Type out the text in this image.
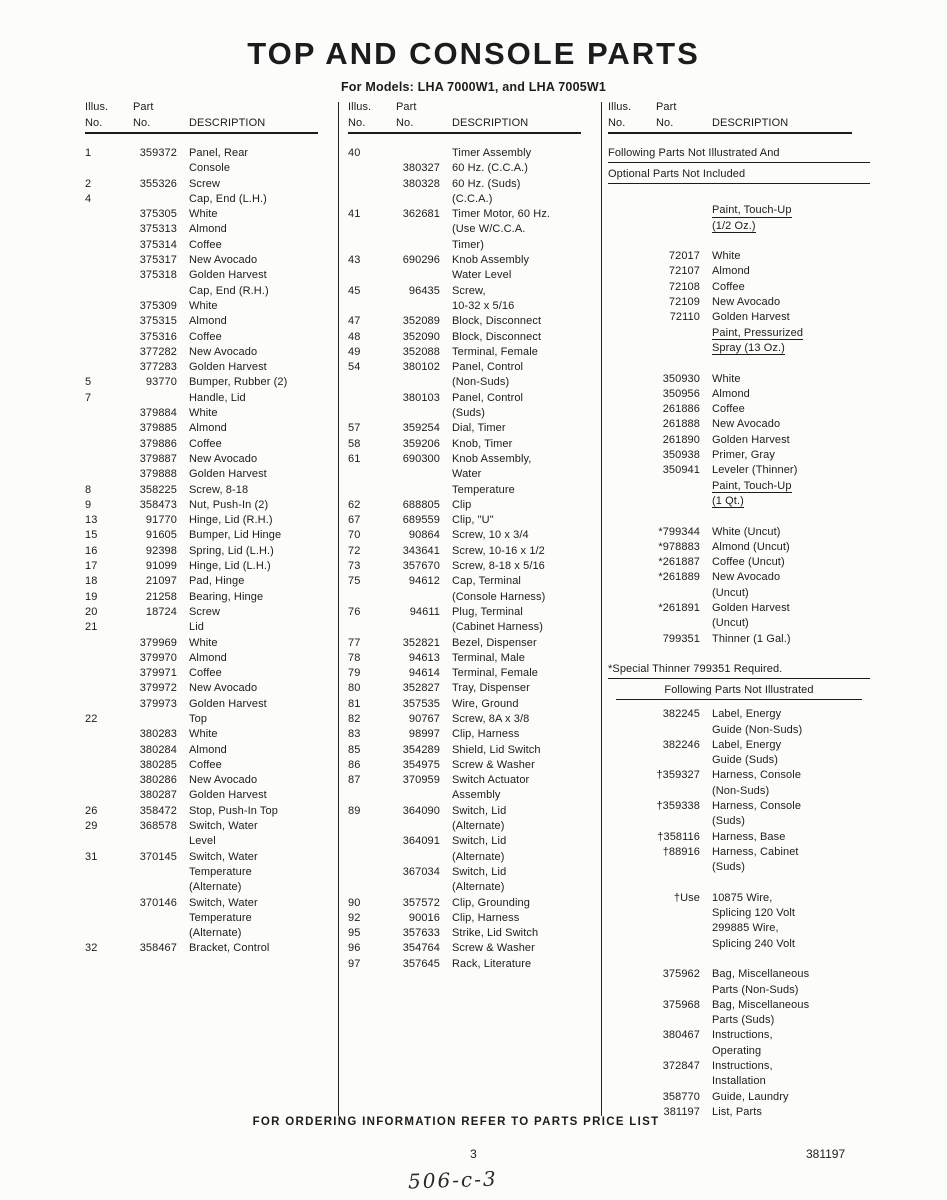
TOP AND CONSOLE PARTS
For Models: LHA 7000W1, and LHA 7005W1
Illus.	Part
No.	No.	DESCRIPTION
1	359372 Panel, Rear
Console
2	355326 Screw
4	Cap, End (L.H.)
375305 White
375313 Almond
375314 Coffee
375317 New Avocado
375318 Golden Harvest
Cap, End (R.H.)
375309 White
375315 Almond
375316 Coffee
377282 New Avocado
377283 Golden Harvest
5	93770 Bumper, Rubber (2)
7	Handle, Lid
379884 White
379885 Almond
379886 Coffee
379887 New Avocado
379888 Golden Harvest
8	358225 Screw, 8-18
9	358473 Nut, Push-In (2)
13	91770 Hinge, Lid (R.H.)
15	91605 Bumper, Lid Hinge
16	92398 Spring, Lid (L.H.)
17	91099 Hinge, Lid (L.H.)
18	21097 Pad, Hinge
19	21258 Bearing, Hinge
20	18724 Screw
21	Lid
379969 White
379970 Almond
379971 Coffee
379972 New Avocado
379973 Golden Harvest
22	Top
380283 White
380284 Almond
380285 Coffee
380286 New Avocado
380287 Golden Harvest
26	358472 Stop, Push-In Top
29	368578 Switch, Water
Level
31	370145 Switch, Water
Temperature
(Alternate)
370146 Switch, Water
Temperature
(Alternate)
32	358467 Bracket, Control
Illus.	Part
No.	No.	DESCRIPTION
40	Timer Assembly
380327 60 Hz. (C.C.A.)
380328 60 Hz. (Suds)
(C.C.A.)
41	362681 Timer Motor, 60 Hz.
(Use W/C.C.A.
Timer)
43	690296 Knob Assembly
Water Level
45	96435 Screw,
10-32 x 5/16
47	352089 Block, Disconnect
48	352090 Block, Disconnect
49	352088 Terminal, Female
54	380102 Panel, Control
(Non-Suds)
380103 Panel, Control
(Suds)
57	359254 Dial, Timer
58	359206 Knob, Timer
61	690300 Knob Assembly,
Water
Temperature
62	688805 Clip
67	689559 Clip, "U"
70	90864 Screw, 10 x 3/4
72	343641 Screw, 10-16 x 1/2
73	357670 Screw, 8-18 x 5/16
75	94612 Cap, Terminal
(Console Harness)
76	94611 Plug, Terminal
(Cabinet Harness)
77	352821 Bezel, Dispenser
78	94613 Terminal, Male
79	94614 Terminal, Female
80	352827 Tray, Dispenser
81	357535 Wire, Ground
82	90767 Screw, 8A x 3/8
83	98997 Clip, Harness
85	354289 Shield, Lid Switch
86	354975 Screw & Washer
87	370959 Switch Actuator
Assembly
89	364090 Switch, Lid
(Alternate)
364091 Switch, Lid
(Alternate)
367034 Switch, Lid
(Alternate)
90	357572 Clip, Grounding
92	90016 Clip, Harness
95	357633 Strike, Lid Switch
96	354764 Screw & Washer
97	357645 Rack, Literature
Illus.	Part
No.	No.	DESCRIPTION
Following Parts Not Illustrated And
Optional Parts Not Included
Paint, Touch-Up
(1/2 Oz.)
72017 White
72107 Almond
72108 Coffee
72109 New Avocado
72110 Golden Harvest
Paint, Pressurized
Spray (13 Oz.)
350930 White
350956 Almond
261886 Coffee
261888 New Avocado
261890 Golden Harvest
350938 Primer, Gray
350941 Leveler (Thinner)
Paint, Touch-Up
(1 Qt.)
*799344 White (Uncut)
*978883 Almond (Uncut)
*261887 Coffee (Uncut)
*261889 New Avocado
(Uncut)
*261891 Golden Harvest
(Uncut)
799351 Thinner (1 Gal.)
*Special Thinner 799351 Required.
Following Parts Not Illustrated
382245 Label, Energy
Guide (Non-Suds)
382246 Label, Energy
Guide (Suds)
†359327 Harness, Console
(Non-Suds)
†359338 Harness, Console
(Suds)
†358116 Harness, Base
†88916 Harness, Cabinet
(Suds)
†Use 10875 Wire,
Splicing 120 Volt
299885 Wire,
Splicing 240 Volt
375962 Bag, Miscellaneous
Parts (Non-Suds)
375968 Bag, Miscellaneous
Parts (Suds)
380467 Instructions,
Operating
372847 Instructions,
Installation
358770 Guide, Laundry
381197 List, Parts
FOR ORDERING INFORMATION REFER TO PARTS PRICE LIST
3	381197
506-c-3
